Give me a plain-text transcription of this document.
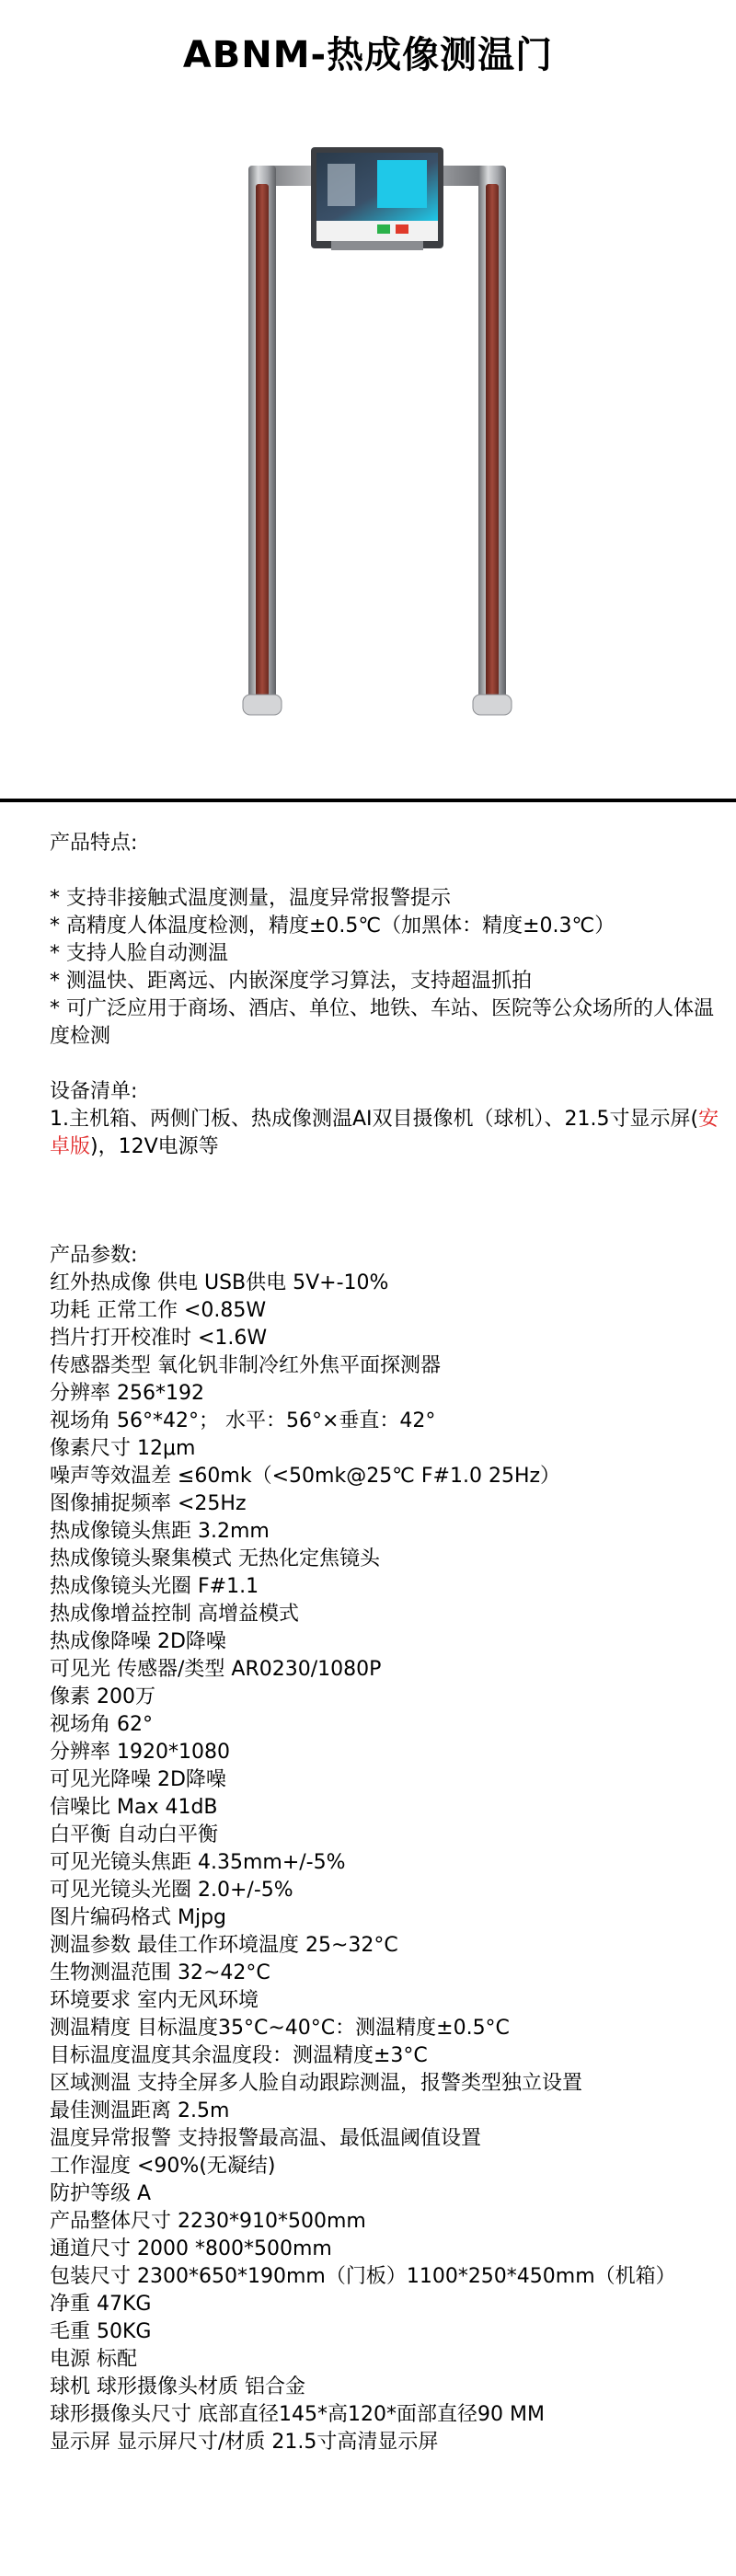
ABNM-热成像测温门

产品特点:

* 支持非接触式温度测量，温度异常报警提示

* 高精度人体温度检测，精度±0.5℃（加黑体：精度±0.3℃）

* 支持人脸自动测温

* 测温快、距离远、内嵌深度学习算法，支持超温抓拍

* 可广泛应用于商场、酒店、单位、地铁、车站、医院等公众场所的人体温度检测

设备清单:

1.主机箱、两侧门板、热成像测温AI双目摄像机（球机）、21.5寸显示屏(安卓版)，12V电源等

产品参数:

红外热成像 供电 USB供电 5V+-10%

功耗 正常工作 <0.85W

挡片打开校准时 <1.6W

传感器类型 氧化钒非制冷红外焦平面探测器

分辨率 256*192

视场角 56°*42°； 水平：56°×垂直：42°

像素尺寸 12μm

噪声等效温差 ≤60mk（<50mk@25℃ F#1.0 25Hz）

图像捕捉频率 <25Hz

热成像镜头焦距 3.2mm

热成像镜头聚集模式 无热化定焦镜头

热成像镜头光圈 F#1.1

热成像增益控制 高增益模式

热成像降噪 2D降噪

可见光 传感器/类型 AR0230/1080P

像素 200万

视场角 62°

分辨率 1920*1080

可见光降噪 2D降噪

信噪比 Max 41dB

白平衡 自动白平衡

可见光镜头焦距 4.35mm+/-5%

可见光镜头光圈 2.0+/-5%

图片编码格式 Mjpg

测温参数 最佳工作环境温度 25~32°C

生物测温范围 32~42°C

环境要求 室内无风环境

测温精度 目标温度35°C~40°C：测温精度±0.5°C

目标温度温度其余温度段：测温精度±3°C

区域测温 支持全屏多人脸自动跟踪测温，报警类型独立设置

最佳测温距离 2.5m

温度异常报警 支持报警最高温、最低温阈值设置

工作湿度 <90%(无凝结)

防护等级 A

产品整体尺寸 2230*910*500mm

通道尺寸 2000 *800*500mm

包装尺寸 2300*650*190mm（门板）1100*250*450mm（机箱）

净重 47KG

毛重 50KG

电源 标配

球机 球形摄像头材质 铝合金

球形摄像头尺寸 底部直径145*高120*面部直径90 MM

显示屏 显示屏尺寸/材质 21.5寸高清显示屏
